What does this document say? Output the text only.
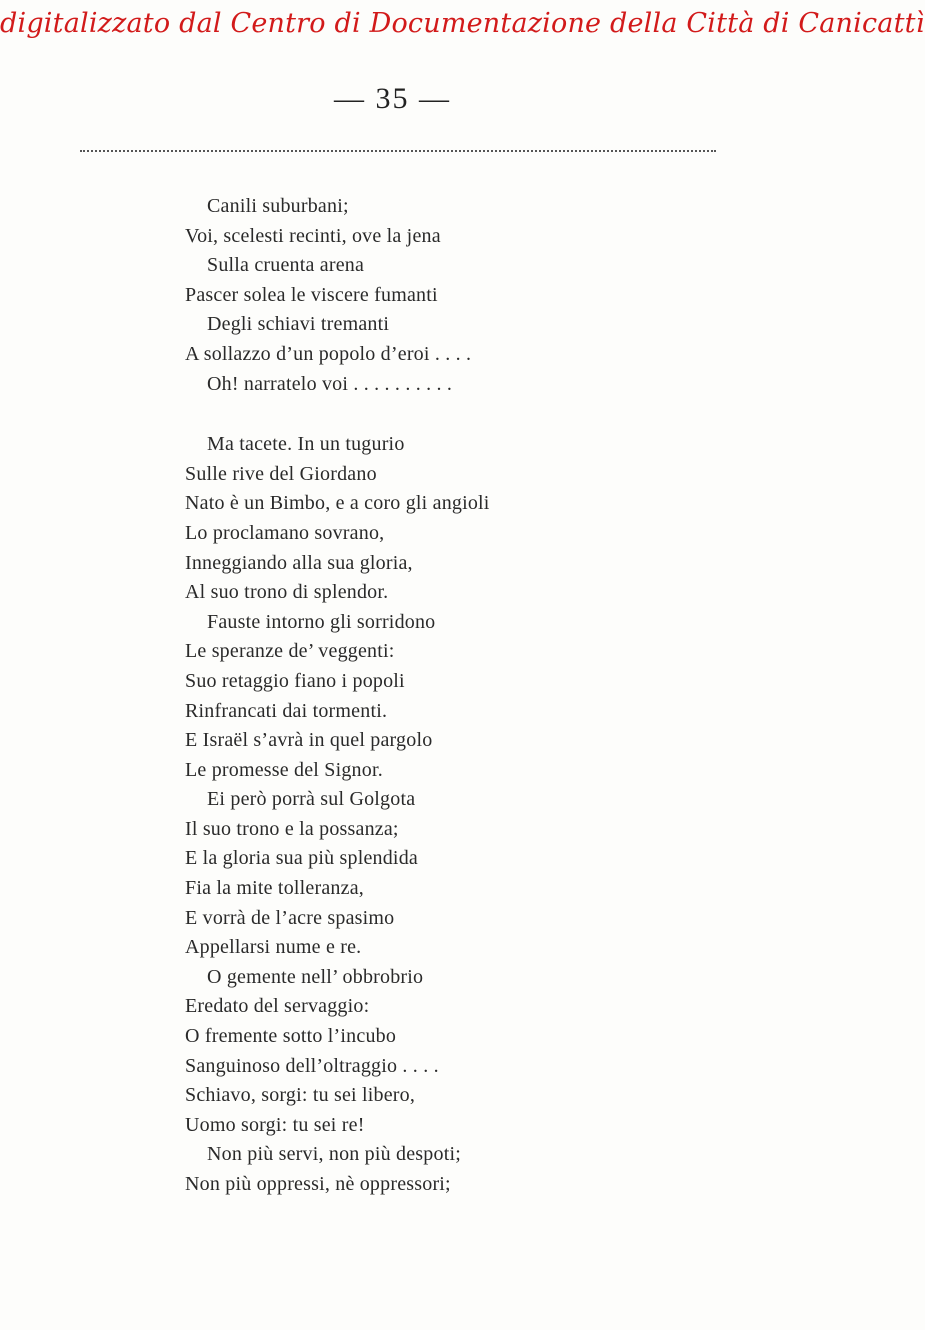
digitalizzato dal Centro di Documentazione della Città di Canicattì
— 35 —
Canili suburbani;
Voi, scelesti recinti, ove la jena
Sulla cruenta arena
Pascer solea le viscere fumanti
Degli schiavi tremanti
A sollazzo d’un popolo d’eroi . . . .
Oh! narratelo voi . . . . . . . . . .
Ma tacete. In un tugurio
Sulle rive del Giordano
Nato è un Bimbo, e a coro gli angioli
Lo proclamano sovrano,
Inneggiando alla sua gloria,
Al suo trono di splendor.
Fauste intorno gli sorridono
Le speranze de’ veggenti:
Suo retaggio fiano i popoli
Rinfrancati dai tormenti.
E Israël s’avrà in quel pargolo
Le promesse del Signor.
Ei però porrà sul Golgota
Il suo trono e la possanza;
E la gloria sua più splendida
Fia la mite tolleranza,
E vorrà de l’acre spasimo
Appellarsi nume e re.
O gemente nell’ obbrobrio
Eredato del servaggio:
O fremente sotto l’incubo
Sanguinoso dell’oltraggio . . . .
Schiavo, sorgi: tu sei libero,
Uomo sorgi: tu sei re!
Non più servi, non più despoti;
Non più oppressi, nè oppressori;
